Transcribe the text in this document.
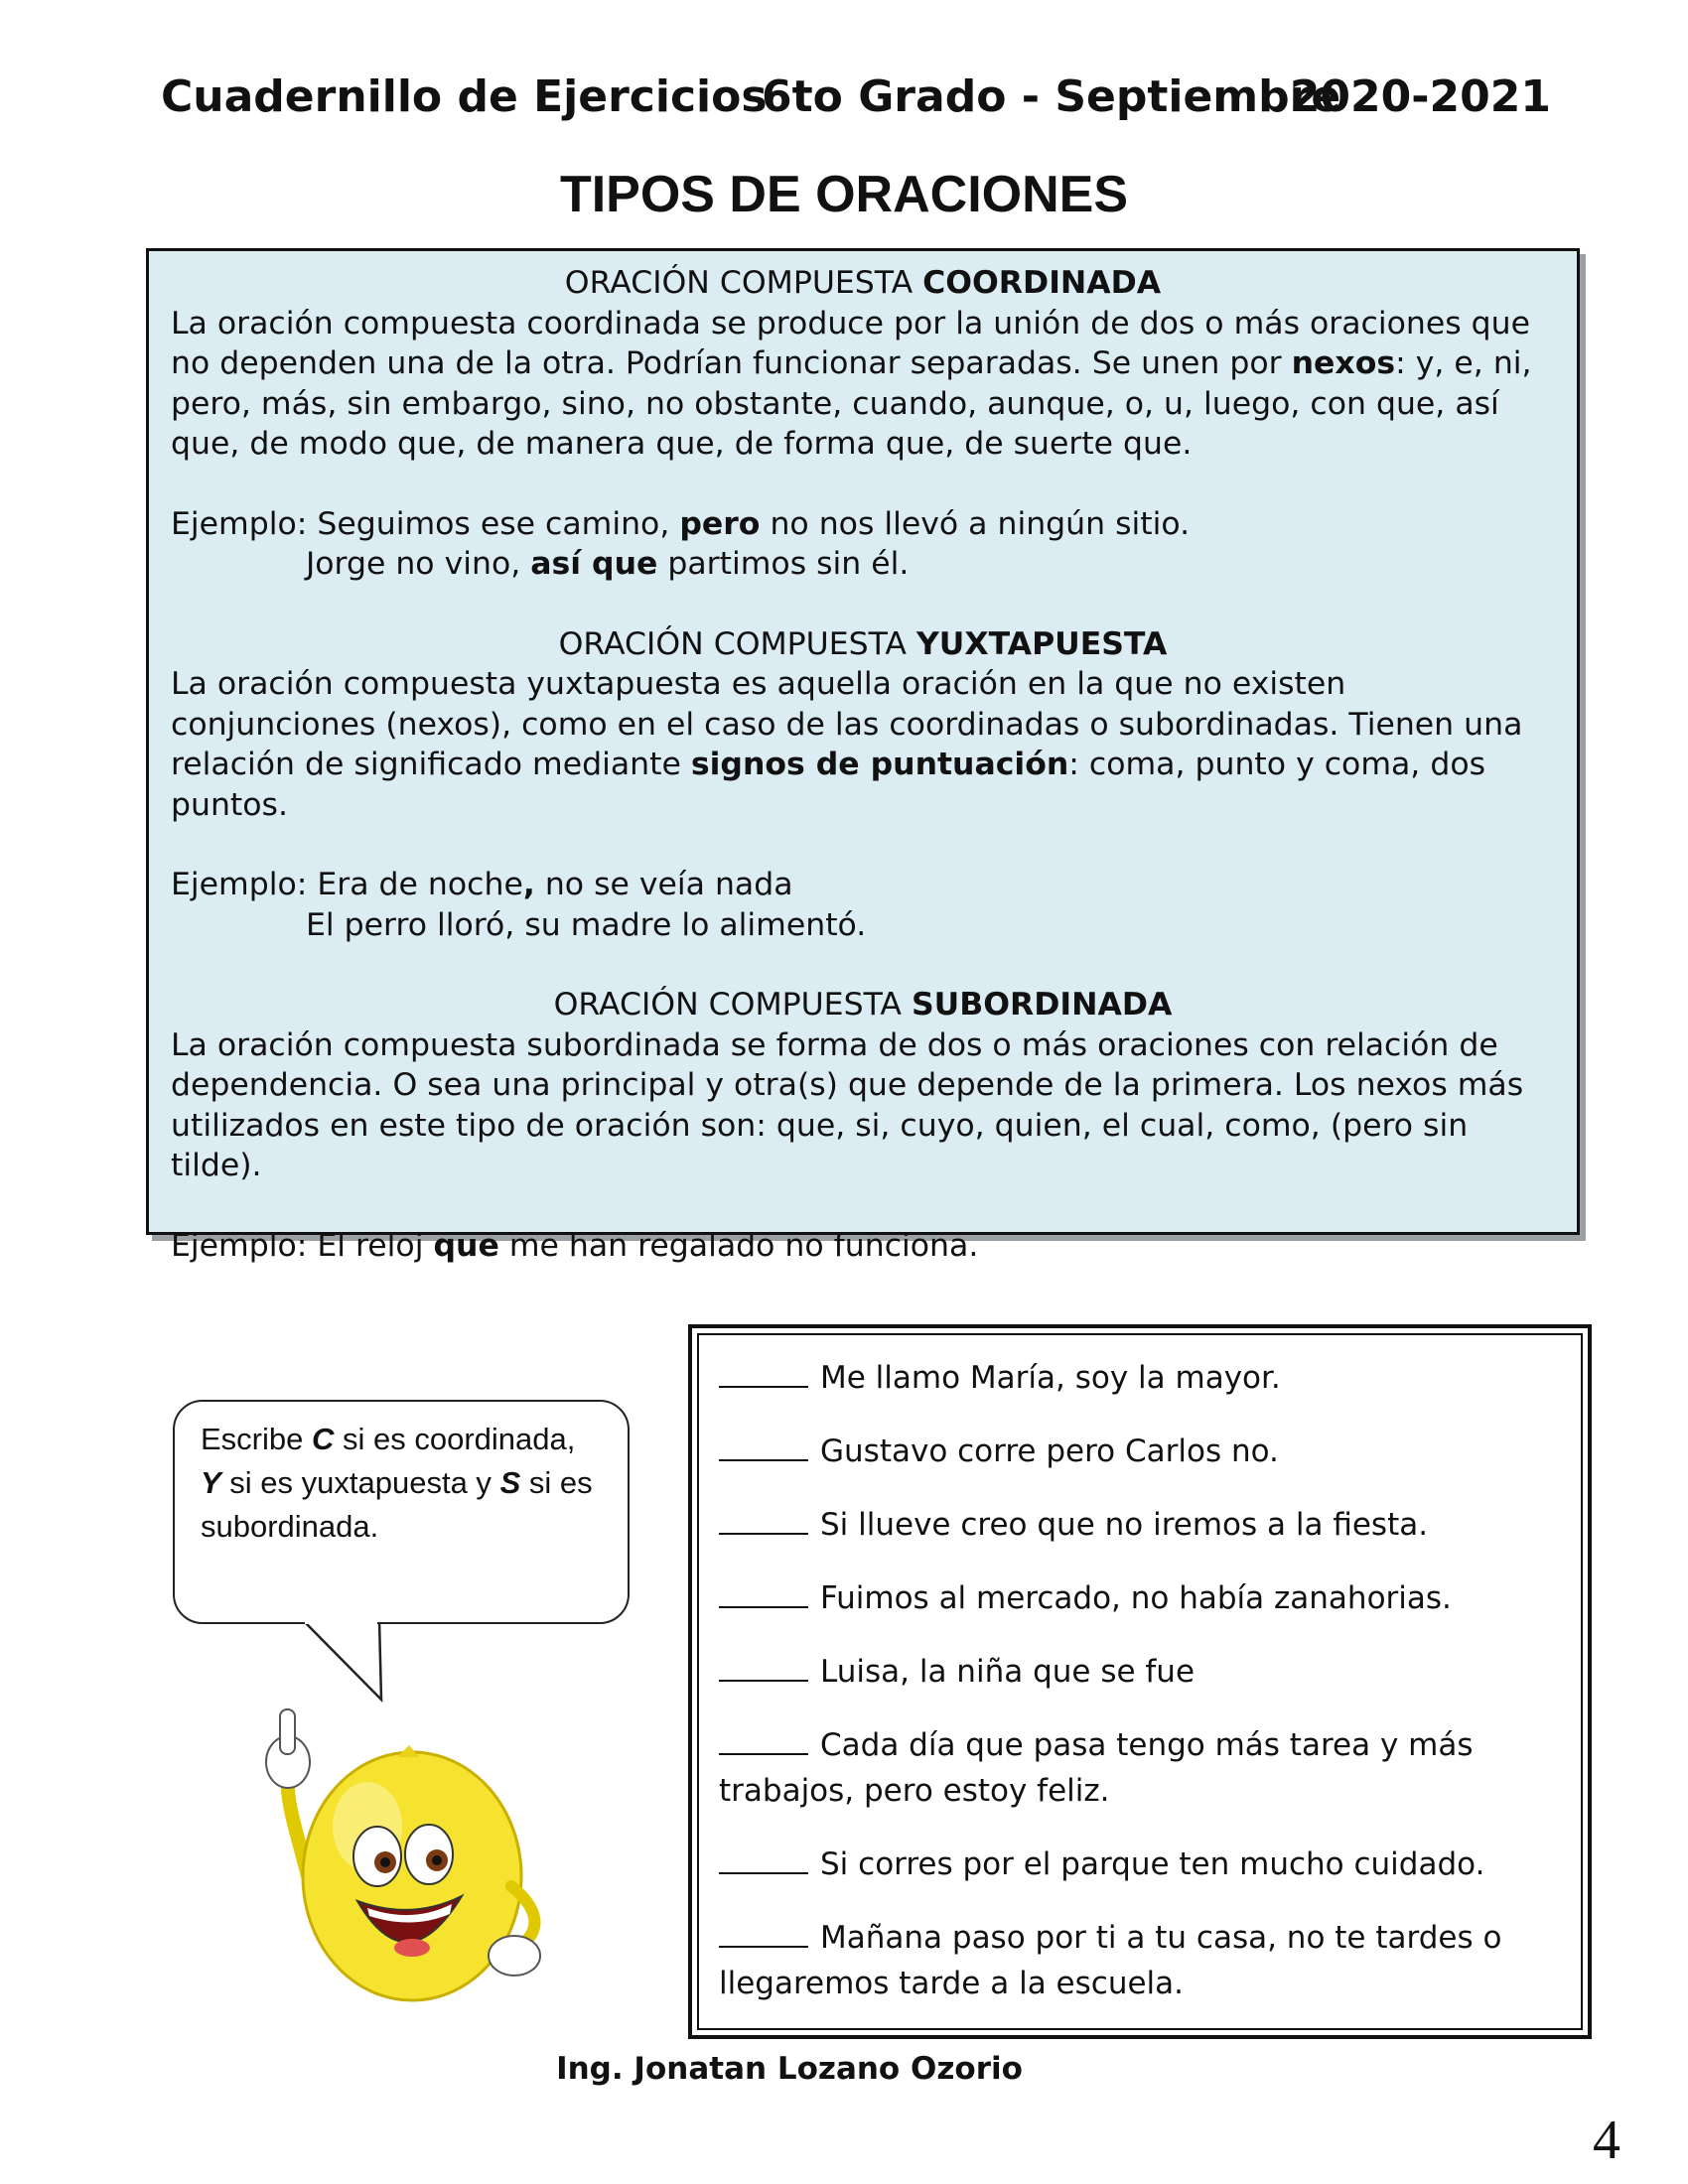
Cuadernillo de Ejercicios
6to Grado - Septiembre
2020-2021
TIPOS DE ORACIONES

ORACIÓN COMPUESTA COORDINADA

La oración compuesta coordinada se produce por la unión de dos o más oraciones que no dependen una de la otra. Podrían funcionar separadas. Se unen por nexos: y, e, ni, pero, más, sin embargo, sino, no obstante, cuando, aunque, o, u, luego, con que, así que, de modo que, de manera que, de forma que, de suerte que.

Ejemplo: Seguimos ese camino, pero no nos llevó a ningún sitio.

Jorge no vino, así que partimos sin él.

ORACIÓN COMPUESTA YUXTAPUESTA

La oración compuesta yuxtapuesta es aquella oración en la que no existen conjunciones (nexos), como en el caso de las coordinadas o subordinadas. Tienen una relación de significado mediante signos de puntuación: coma, punto y coma, dos puntos.

Ejemplo: Era de noche, no se veía nada

El perro lloró, su madre lo alimentó.

ORACIÓN COMPUESTA SUBORDINADA

La oración compuesta subordinada se forma de dos o más oraciones con relación de dependencia. O sea una principal y otra(s) que depende de la primera. Los nexos más utilizados en este tipo de oración son: que, si, cuyo, quien, el cual, como, (pero sin tilde).

Ejemplo: El reloj que me han regalado no funciona.

Escribe C si es coordinada, Y si es yuxtapuesta y S si es subordinada.

Me llamo María, soy la mayor.

Gustavo corre pero Carlos no.

Si llueve creo que no iremos a la fiesta.

Fuimos al mercado, no había zanahorias.

Luisa, la niña que se fue

Cada día que pasa tengo más tarea y más trabajos, pero estoy feliz.

Si corres por el parque ten mucho cuidado.

Mañana paso por ti a tu casa, no te tardes o llegaremos tarde a la escuela.

Ing. Jonatan Lozano Ozorio
4
